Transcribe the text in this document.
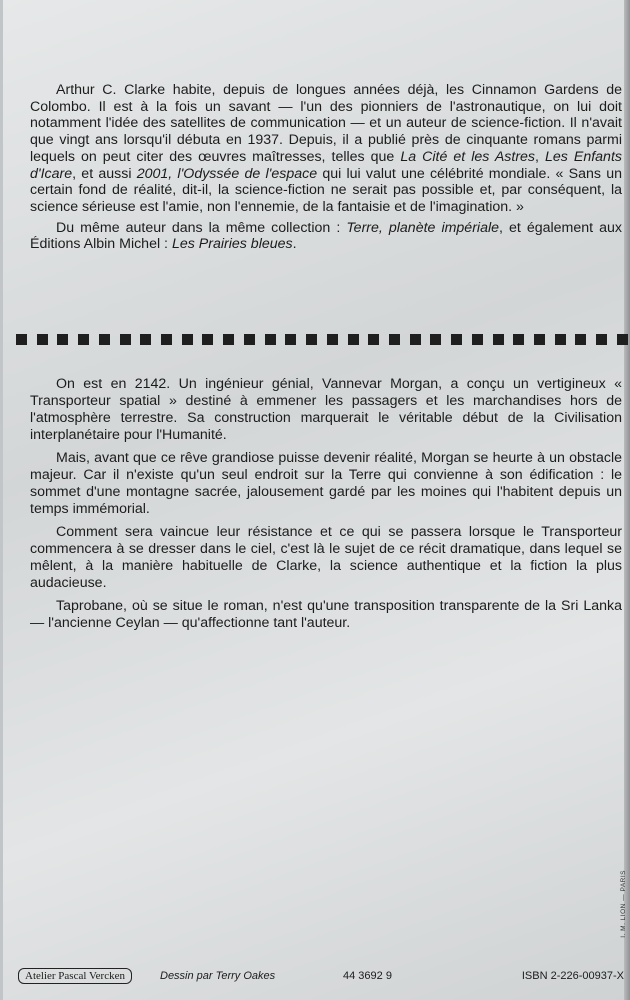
Arthur C. Clarke habite, depuis de longues années déjà, les Cinnamon Gardens de Colombo. Il est à la fois un savant — l'un des pionniers de l'astronautique, on lui doit notamment l'idée des satellites de communication — et un auteur de science-fiction. Il n'avait que vingt ans lorsqu'il débuta en 1937. Depuis, il a publié près de cinquante romans parmi lequels on peut citer des œuvres maîtresses, telles que La Cité et les Astres, Les Enfants d'Icare, et aussi 2001, l'Odyssée de l'espace qui lui valut une célébrité mondiale. « Sans un certain fond de réalité, dit-il, la science-fiction ne serait pas possible et, par conséquent, la science sérieuse est l'amie, non l'ennemie, de la fantaisie et de l'imagination. »

Du même auteur dans la même collection : Terre, planète impériale, et également aux Éditions Albin Michel : Les Prairies bleues.

On est en 2142. Un ingénieur génial, Vannevar Morgan, a conçu un vertigineux « Transporteur spatial » destiné à emmener les passagers et les marchandises hors de l'atmosphère terrestre. Sa construction marquerait le véritable début de la Civilisation interplanétaire pour l'Humanité.

Mais, avant que ce rêve grandiose puisse devenir réalité, Morgan se heurte à un obstacle majeur. Car il n'existe qu'un seul endroit sur la Terre qui convienne à son édification : le sommet d'une montagne sacrée, jalousement gardé par les moines qui l'habitent depuis un temps immémorial.

Comment sera vaincue leur résistance et ce qui se passera lorsque le Transporteur commencera à se dresser dans le ciel, c'est là le sujet de ce récit dramatique, dans lequel se mêlent, à la manière habituelle de Clarke, la science authentique et la fiction la plus audacieuse.

Taprobane, où se situe le roman, n'est qu'une transposition transparente de la Sri Lanka — l'ancienne Ceylan — qu'affectionne tant l'auteur.

I. M. LION — PARIS
Atelier Pascal Vercken	Dessin par Terry Oakes	44 3692 9	ISBN 2-226-00937-X
